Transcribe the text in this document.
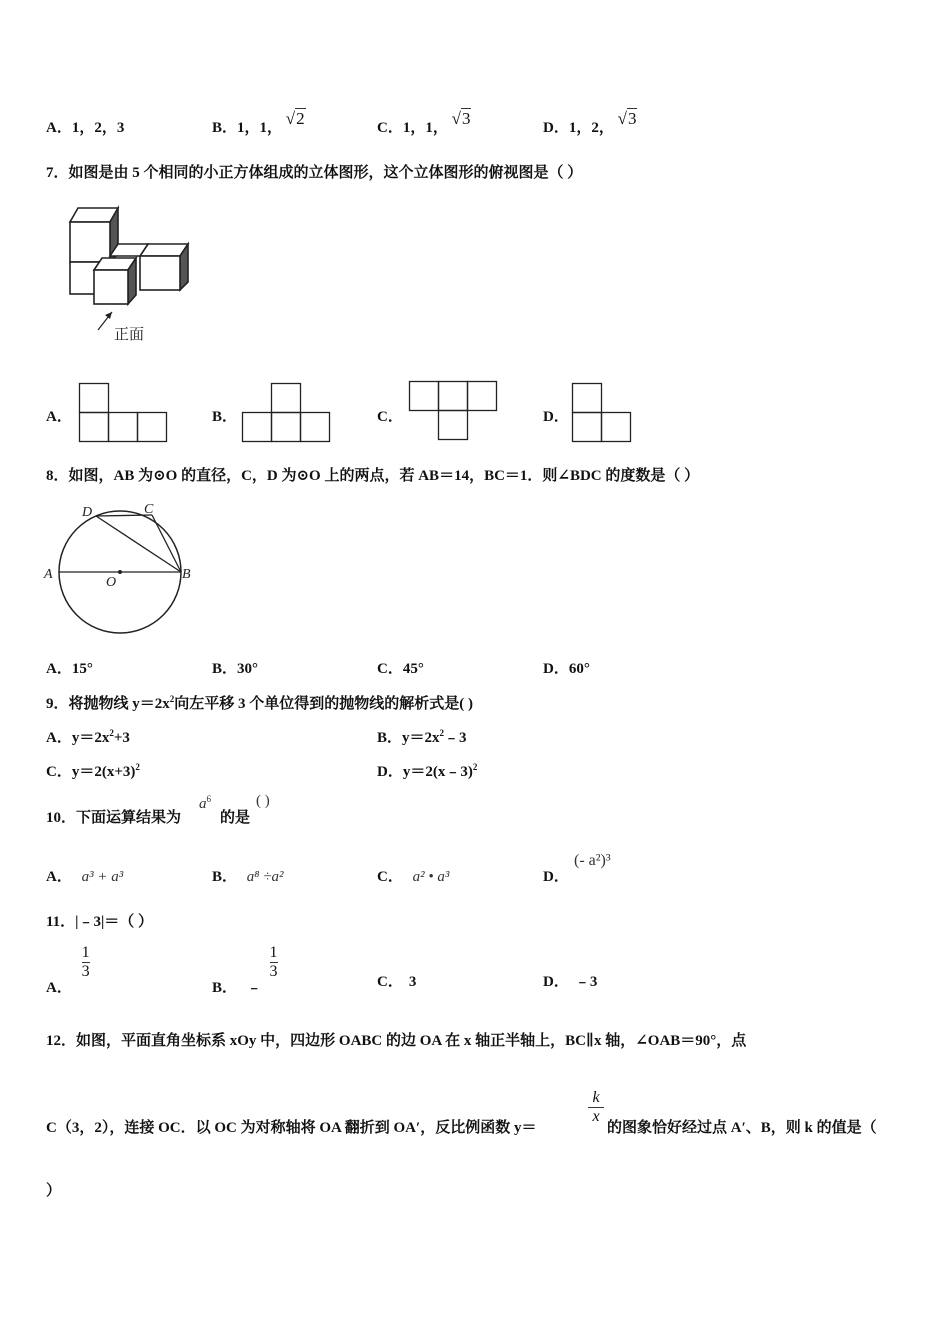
A．1，2，3	B．1，1， √2	C．1，1， √3	D．1，2， √3
7．如图是由 5 个相同的小正方体组成的立体图形，这个立体图形的俯视图是（ ）
正面
A．	B．	C．	D．
8．如图，AB 为⊙O 的直径，C，D 为⊙O 上的两点，若 AB＝14，BC＝1．则∠BDC 的度数是（ ）
A	B
C
D
O
A．15°	B．30°	C．45°	D．60°
9．将抛物线 $y=2x^2$向左平移 3 个单位得到的抛物线的解析式是( )
A．$y=2x^2+3$	B．$y=2x^2﹣3$
C．$y=2(x+3)^2$	D．y＝2(x﹣3)$^2$
10．下面运算结果为
$a^6$
的是
( )
A． a³ + a³	B． a⁸ ÷a²	C． a² • a³	D．
(- a²)³
11．|﹣3|＝（ ）
A．
$\frac{1}{3}$
B． ﹣
$\frac{1}{3}$
C． 3	D． ﹣3
12．如图，平面直角坐标系 xOy 中，四边形 OABC 的边 OA 在 x 轴正半轴上，BC∥x 轴，∠OAB＝90°，点
C（3，2），连接 OC．以 OC 为对称轴将 OA 翻折到 OA′，反比例函数 y＝
k
x
的图象恰好经过点 A′、B，则 k 的值是（
）
